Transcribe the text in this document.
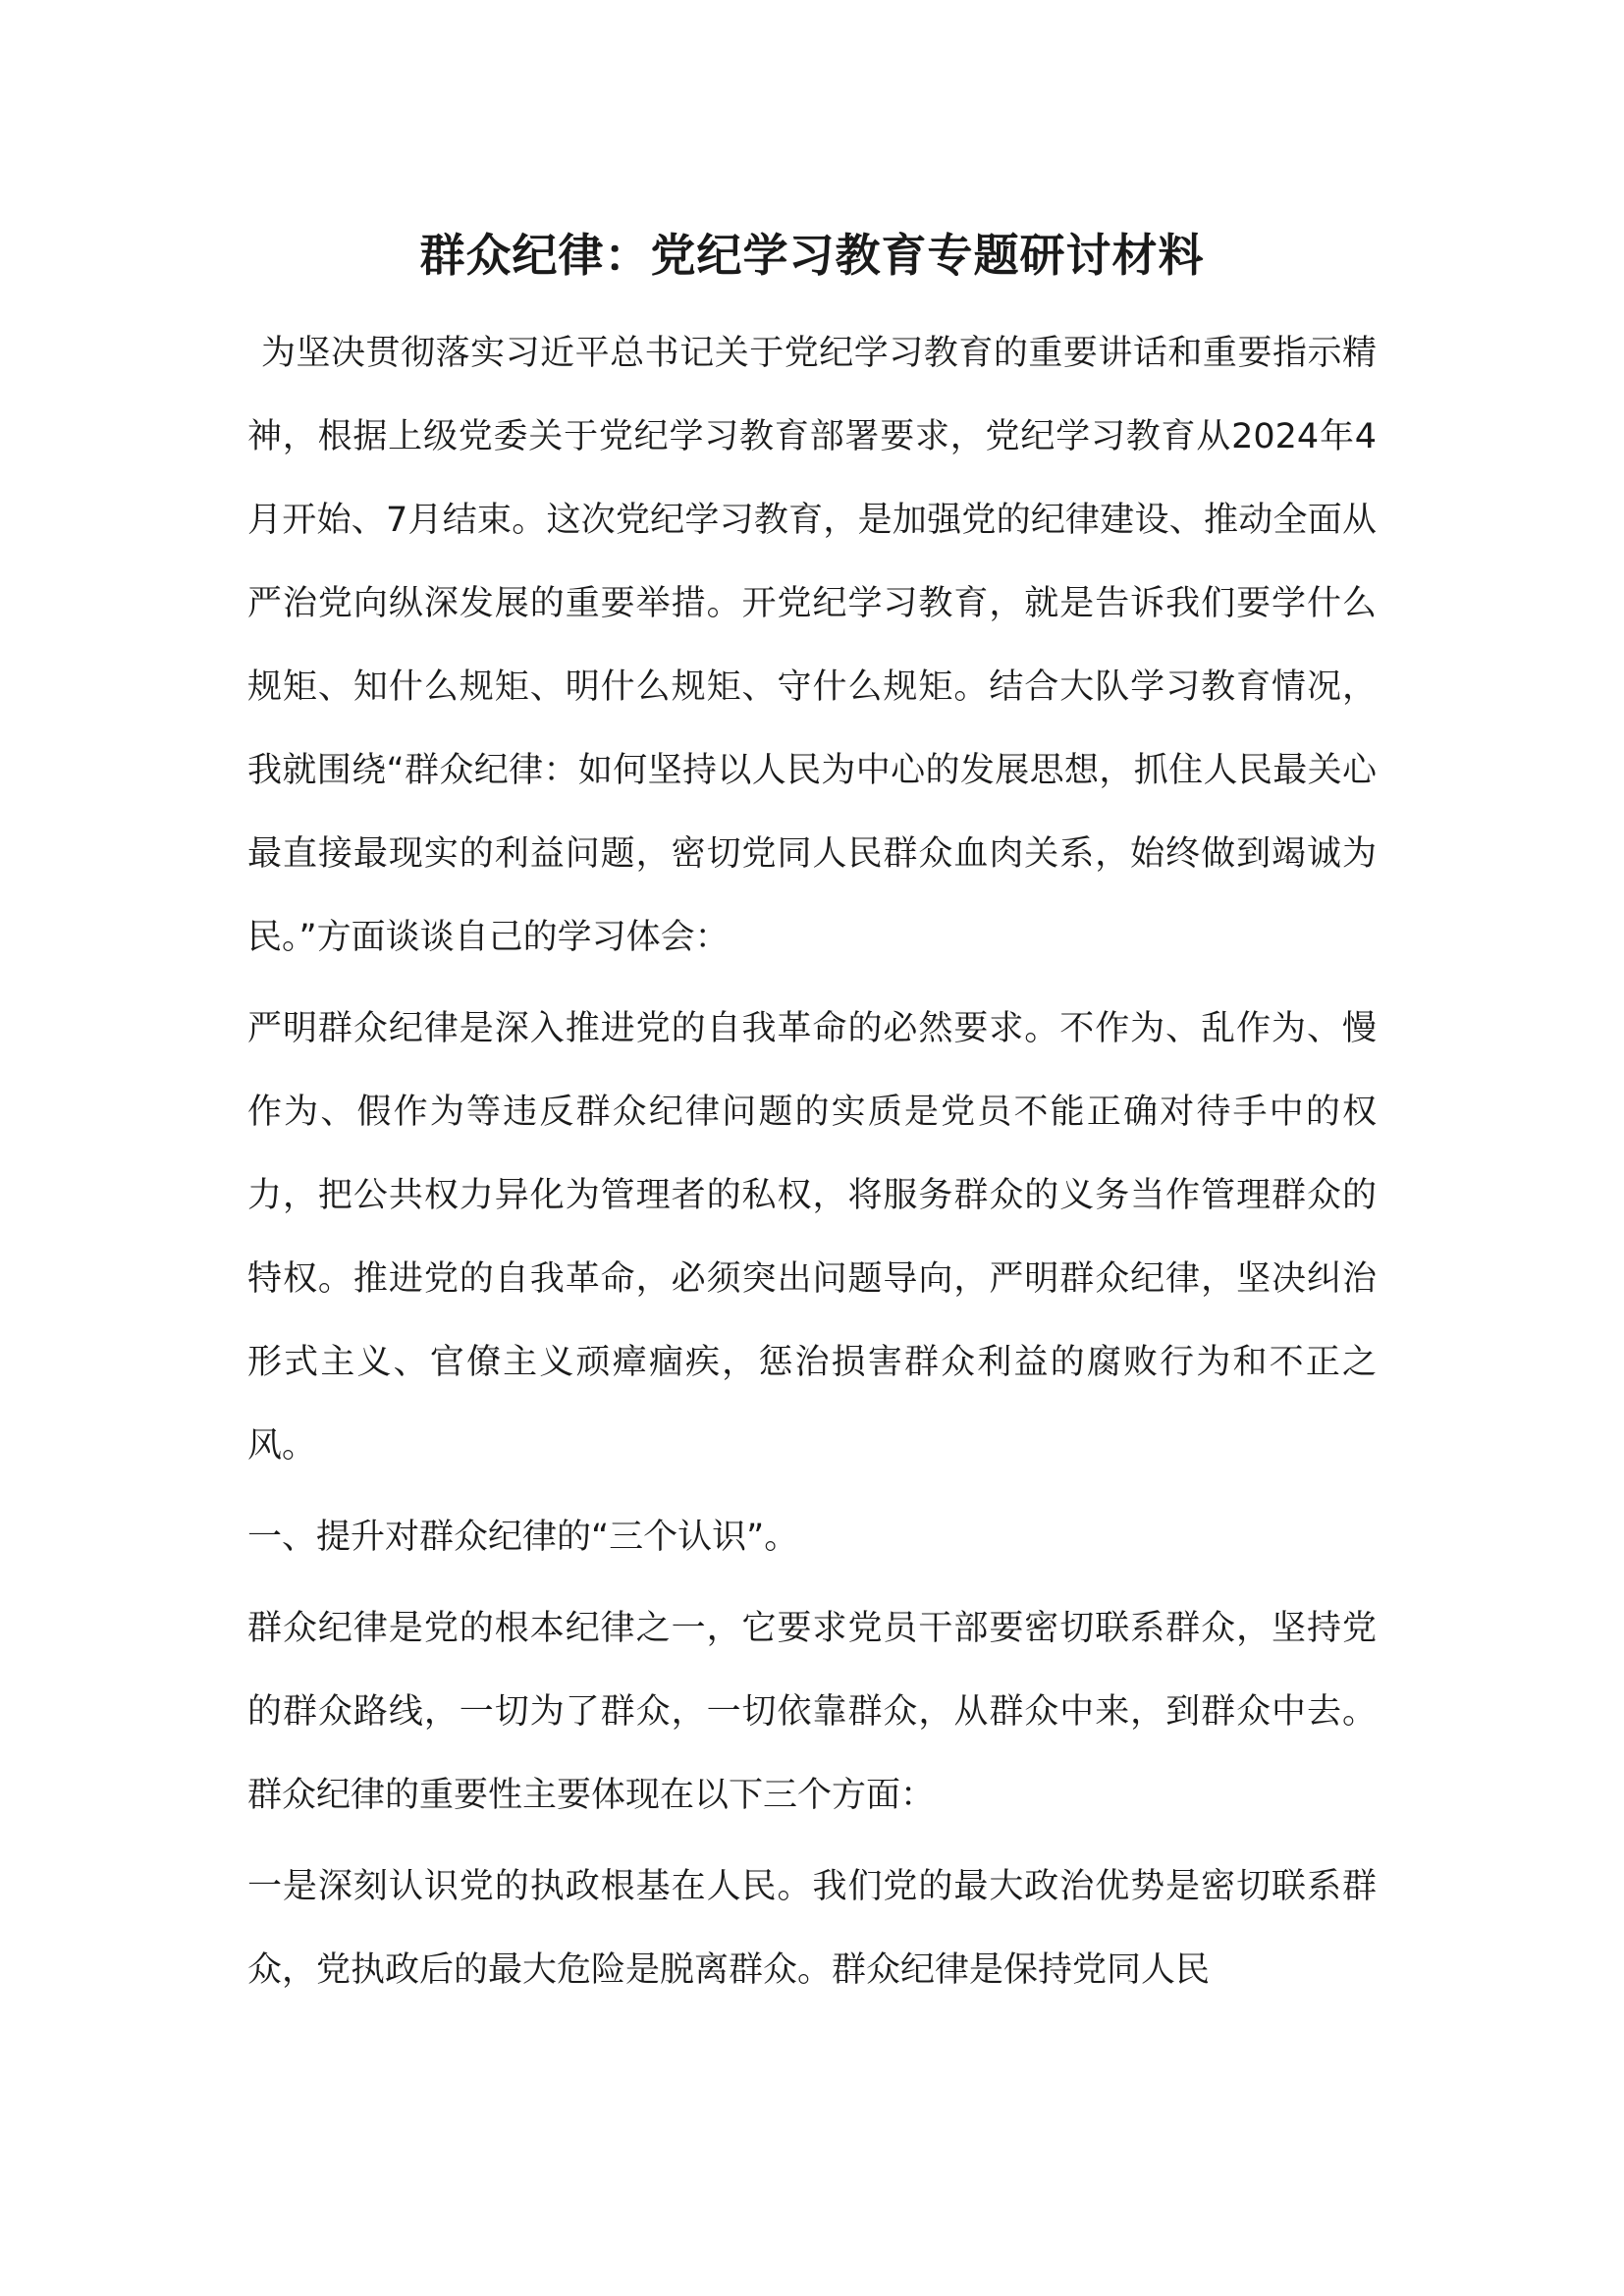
群众纪律：党纪学习教育专题研讨材料

为坚决贯彻落实习近平总书记关于党纪学习教育的重要讲话和重要指示精神，根据上级党委关于党纪学习教育部署要求，党纪学习教育从2024年4月开始、7月结束。这次党纪学习教育，是加强党的纪律建设、推动全面从严治党向纵深发展的重要举措。开党纪学习教育，就是告诉我们要学什么规矩、知什么规矩、明什么规矩、守什么规矩。结合大队学习教育情况，我就围绕“群众纪律：如何坚持以人民为中心的发展思想，抓住人民最关心最直接最现实的利益问题，密切党同人民群众血肉关系，始终做到竭诚为民。”方面谈谈自己的学习体会：

严明群众纪律是深入推进党的自我革命的必然要求。不作为、乱作为、慢作为、假作为等违反群众纪律问题的实质是党员不能正确对待手中的权力，把公共权力异化为管理者的私权，将服务群众的义务当作管理群众的特权。推进党的自我革命，必须突出问题导向，严明群众纪律，坚决纠治形式主义、官僚主义顽瘴痼疾，惩治损害群众利益的腐败行为和不正之风。

一、提升对群众纪律的“三个认识”。

群众纪律是党的根本纪律之一，它要求党员干部要密切联系群众，坚持党的群众路线，一切为了群众，一切依靠群众，从群众中来，到群众中去。群众纪律的重要性主要体现在以下三个方面：

一是深刻认识党的执政根基在人民。我们党的最大政治优势是密切联系群众，党执政后的最大危险是脱离群众。群众纪律是保持党同人民
